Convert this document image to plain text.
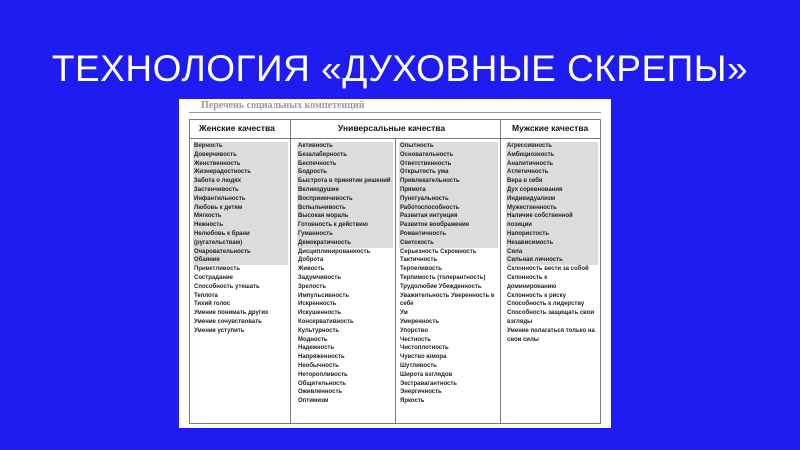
ТЕХНОЛОГИЯ «ДУХОВНЫЕ СКРЕПЫ»
Перечень социальных компетенций
Женские качества	Универсальные качества	Мужские качества
Верность
Доверчивость
Женственность
Жизнерадостность
Забота о людях
Застенчивость
Инфантильность
Любовь к детям
Мягкость
Нежность
Нелюбовь к брани (ругательствам)
Очаровательность
Обаяние
Приветливость
Сострадание
Способность утешать
Теплота
Тихий голос
Умение понимать других
Умение сочувствовать
Умение уступить
Активность
Безалаберность
Беспечность
Бодрость
Быстрота в принятии решений
Великодушие
Восприимчивость
Вспыльчивость
Высокая мораль
Готовность к действию
Гуманность
Демократичность
Дисциплинированность
Доброта
Живость
Задумчивость
Зрелость
Импульсивность
Искренность
Искушенность
Консервативность
Культурность
Модность
Надежность
Напряженность
Необычность
Неторопливость
Общительность
Оживленность
Оптимизм
Опытность
Основательность
Ответственность
Открытость ума
Привлекательность
Прямота
Пунктуальность
Работоспособность
Развитая интуиция
Развитое воображение
Романтичность
Светскость
Серьезность Скромность
Тактичность
Терпеливость
Терпимость (толерантность)
Трудолюбие Убежденность
Уважительность Уверенность в себе
Ум
Умеренность
Упорство
Честность
Чистоплотность
Чувство юмора
Шутливость
Широта взглядов
Экстравагантность
Энергичность
Яркость
Агрессивность
Амбициозность
Аналитичность
Атлетичность
Вера в себя
Дух соревнования
Индивидуализм
Мужественность
Наличие собственной позиции
Напористость
Независимость
Сила
Сильная личность
Склонность вести за собой
Склонность к доминированию
Склонность к риску
Способность к лидерству
Способность защищать свои взгляды
Умение полагаться только на свои силы
